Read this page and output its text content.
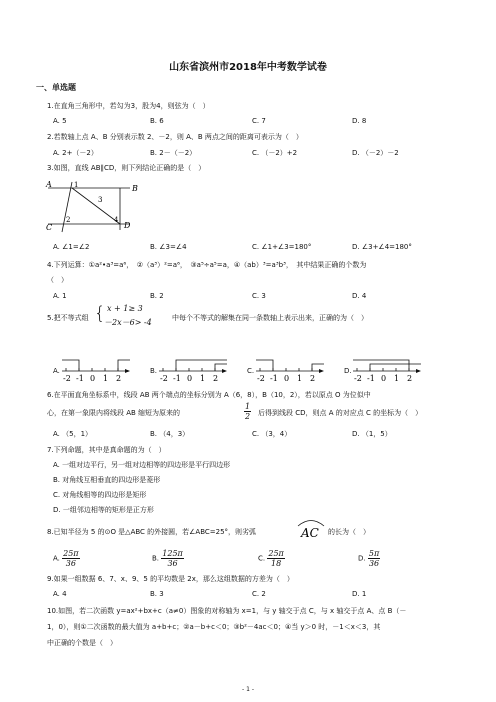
山东省滨州市2018年中考数学试卷
一、单选题
1.在直角三角形中，若勾为3，股为4，则弦为（　）
A. 5	B. 6	C. 7	D. 8
2.若数轴上点 A、B 分别表示数 2、－2，则 A、B 两点之间的距离可表示为（　）
A. 2+（－2）	B. 2－（－2）	C. （－2）+2	D. （－2）－2
3.如图，直线 AB∥CD，则下列结论正确的是（　）
A	B
C	D
1
2
3
4
A. ∠1=∠2	B. ∠3=∠4	C. ∠1+∠3=180°	D. ∠3+∠4=180°
4.下列运算：①a²•a³=a⁶，　②（a³）²=a⁶，　③a⁵÷a⁵=a，④（ab）³=a³b³，　其中结果正确的个数为
（　）
A. 1	B. 2	C. 3	D. 4
5.把不等式组 { x + 1≥ 3
－2x－6> -4	中每个不等式的解集在同一条数轴上表示出来，正确的为（　）
A.	B.	C.	D.
-2 -1 0 1 2	-2 -1 0 1 2	-2 -1 0 1 2	-2 -1 0 1 2
6.在平面直角坐标系中，线段 AB 两个端点的坐标分别为 A（6，8），B（10，2），若以原点 O 为位似中
心，在第一象限内将线段 AB 缩短为原来的	$\frac{1}{2}$ 后得到线段 CD，则点 A 的对应点 C 的坐标为（　）
A. （5，1）	B. （4，3）	C. （3，4）	D. （1，5）
7.下列命题，其中是真命题的为（　）
A. 一组对边平行，另一组对边相等的四边形是平行四边形
B. 对角线互相垂直的四边形是菱形
C. 对角线相等的四边形是矩形
D. 一组邻边相等的矩形是正方形
8.已知半径为 5 的⊙O 是△ABC 的外接圆，若∠ABC=25°，则劣弧	AC 的长为（　）
A. $\frac{25\pi}{36}$	B. $\frac{125\pi}{36}$	C. $\frac{25\pi}{18}$	D. $\frac{5\pi}{36}$
9.如果一组数据 6、7、x、9、5 的平均数是 2x，那么这组数据的方差为（　）
A. 4	B. 3	C. 2	D. 1
10.如图，若二次函数 y=ax²+bx+c（a≠0）图象的对称轴为 x=1，与 y 轴交于点 C，与 x 轴交于点 A、点 B（－
1，0），则①二次函数的最大值为 a+b+c；②a－b+c＜0；③b²－4ac＜0；④当 y＞0 时，－1＜x＜3，其
中正确的个数是（　）
- 1 -
